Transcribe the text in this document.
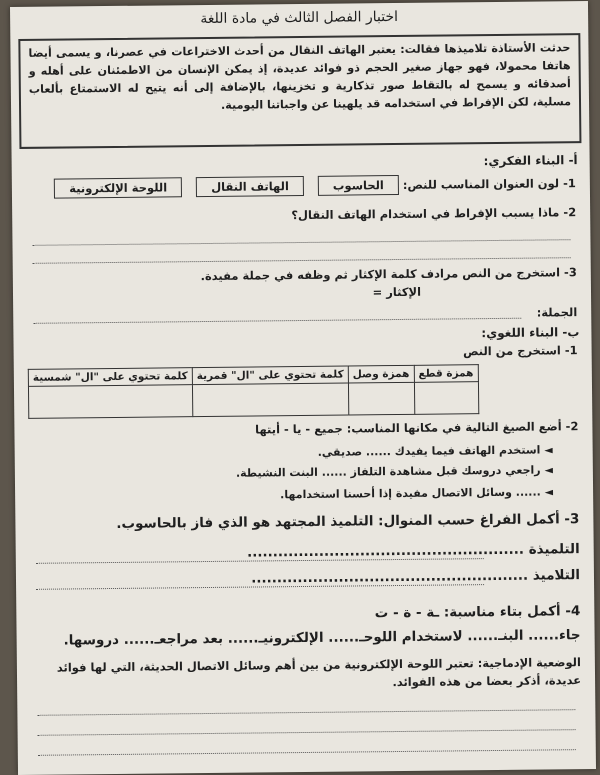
اختبار الفصل الثالث في مادة اللغة
حدثت الأستاذة تلاميذها فقالت: يعتبر الهاتف النقال من أحدث الاختراعات في عصرنا، و يسمى أيضا هاتفا محمولا، فهو جهاز صغير الحجم ذو فوائد عديدة، إذ يمكن الإنسان من الاطمئنان على أهله و أصدقائه و يسمح له بالتقاط صور تذكارية و تخزينها، بالإضافة إلى أنه يتيح له الاستمتاع بألعاب مسلية، لكن الإفراط في استخدامه قد يلهينا عن واجباتنا اليومية.
أ- البناء الفكري:
1- لون العنوان المناسب للنص: الحاسوب الهاتف النقال اللوحة الإلكترونية
2- ماذا يسبب الإفراط في استخدام الهاتف النقال؟
3- استخرج من النص مرادف كلمة الإكثار ثم وظفه في جملة مفيدة.
الإكثار =
الجملة:
ب- البناء اللغوي:
1- استخرج من النص
همزة قطع	همزة وصل	كلمة تحتوي على "ال" قمرية	كلمة تحتوي على "ال" شمسية

2- أضع الصيغ التالية في مكانها المناسب: جميع - يا - أيتها
◄ استخدم الهاتف فيما يفيدك ...... صديقي.
◄ راجعي دروسك قبل مشاهدة التلفاز ...... البنت النشيطة.
◄ ...... وسائل الاتصال مفيدة إذا أحسنا استخدامها.
3- أكمل الفراغ حسب المنوال: التلميذ المجتهد هو الذي فاز بالحاسوب.
التلميذة ......................................................
التلاميذ ......................................................
4- أكمل بتاء مناسبة: ـة - ة - ت
جاء...... البنـ...... لاستخدام اللوحـ...... الإلكترونيـ...... بعد مراجعـ...... دروسها.
الوضعية الإدماجية: تعتبر اللوحة الإلكترونية من بين أهم وسائل الاتصال الحديثة، التي لها فوائد عديدة، أذكر بعضا من هذه الفوائد.
